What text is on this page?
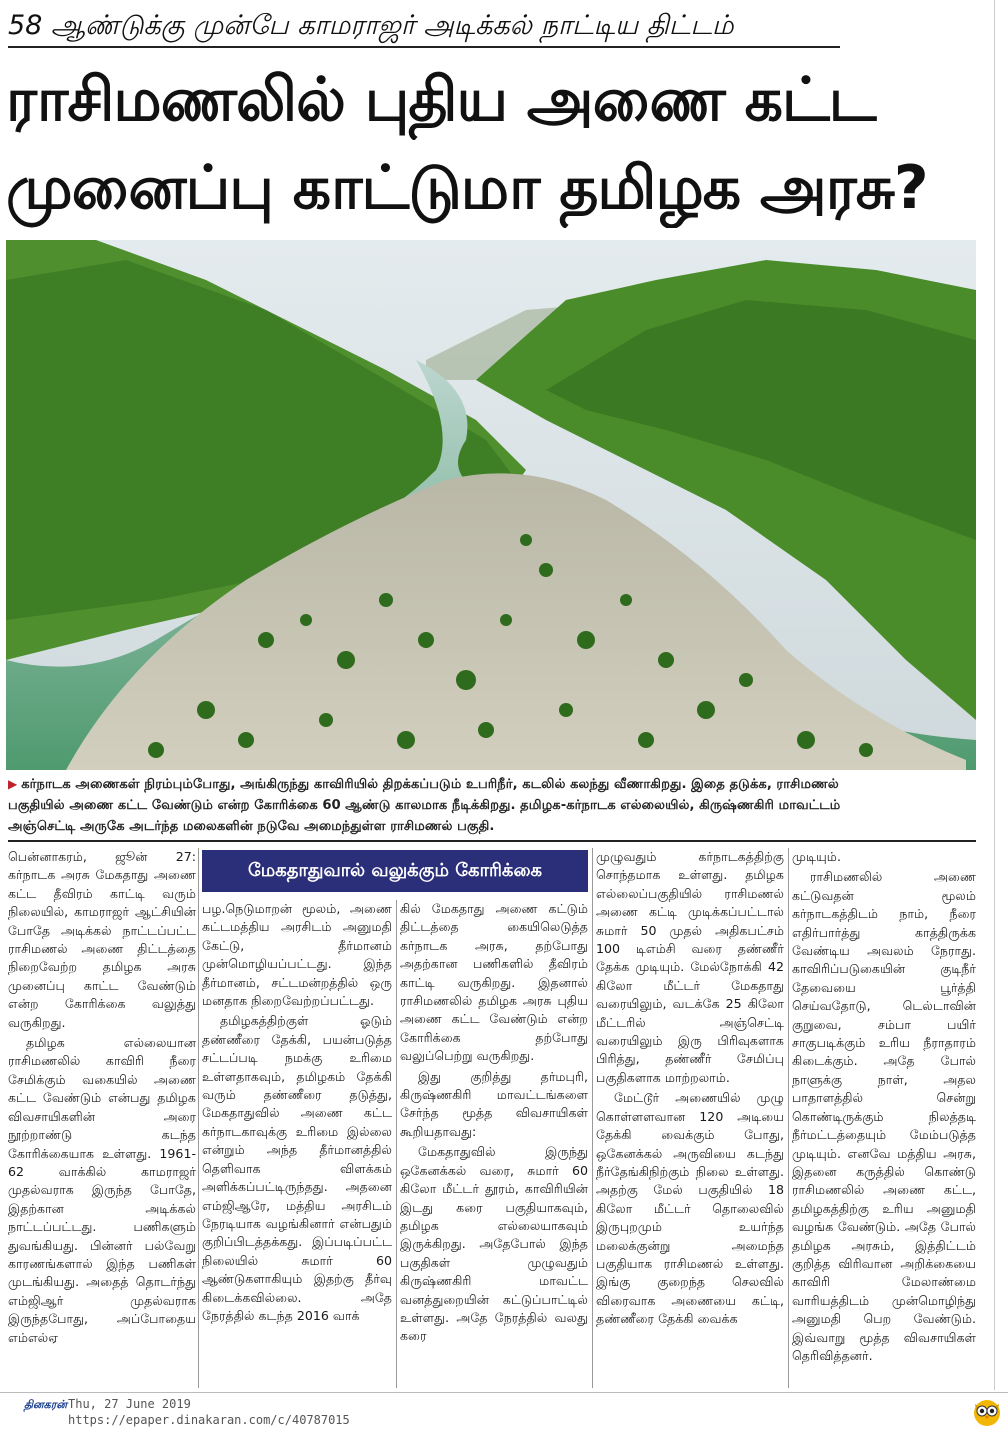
58 ஆண்டுக்கு முன்பே காமராஜர் அடிக்கல் நாட்டிய திட்டம்
ராசிமணலில் புதிய அணை கட்ட
முனைப்பு காட்டுமா தமிழக அரசு?

▶ கர்நாடக அணைகள் நிரம்பும்போது, அங்கிருந்து காவிரியில் திறக்கப்படும் உபரிநீர், கடலில் கலந்து வீணாகிறது. இதை தடுக்க, ராசிமணல்

பகுதியில் அணை கட்ட வேண்டும் என்ற கோரிக்கை 60 ஆண்டு காலமாக நீடிக்கிறது. தமிழக-கர்நாடக எல்லையில், கிருஷ்ணகிரி மாவட்டம்

அஞ்செட்டி அருகே அடர்ந்த மலைகளின் நடுவே அமைந்துள்ள ராசிமணல் பகுதி.

மேகதாதுவால் வலுக்கும் கோரிக்கை

பென்னாகரம், ஜூன் 27: கர்நாடக அரசு மேகதாது அணை கட்ட தீவிரம் காட்டி வரும் நிலையில், காமராஜர் ஆட்சியின் போதே அடிக்கல் நாட்டப்பட்ட ராசிமணல் அணை திட்டத்தை நிறைவேற்ற தமிழக அரசு முனைப்பு காட்ட வேண்டும் என்ற கோரிக்கை வலுத்து வருகிறது.

தமிழக எல்லையான ராசிமணலில் காவிரி நீரை சேமிக்கும் வகையில் அணை கட்ட வேண்டும் என்பது தமிழக விவசாயிகளின் அரை நூற்றாண்டு கடந்த கோரிக்கையாக உள்ளது. 1961-62 வாக்கில் காமராஜர் முதல்வராக இருந்த போதே, இதற்கான அடிக்கல் நாட்டப்பட்டது. பணிகளும் துவங்கியது. பின்னர் பல்வேறு காரணங்களால் இந்த பணிகள் முடங்கியது. அதைத் தொடர்ந்து எம்ஜிஆர் முதல்வராக இருந்தபோது, அப்போதைய எம்எல்ஏ

பழ.நெடுமாறன் மூலம், அணை கட்டமத்திய அரசிடம் அனுமதி கேட்டு, தீர்மானம் முன்மொழியப்பட்டது. இந்த தீர்மானம், சட்டமன்றத்தில் ஒரு மனதாக நிறைவேற்றப்பட்டது.

தமிழகத்திற்குள் ஓடும் தண்ணீரை தேக்கி, பயன்படுத்த சட்டப்படி நமக்கு உரிமை உள்ளதாகவும், தமிழகம் தேக்கி வரும் தண்ணீரை தடுத்து, மேகதாதுவில் அணை கட்ட கர்நாடகாவுக்கு உரிமை இல்லை என்றும் அந்த தீர்மானத்தில் தெளிவாக விளக்கம் அளிக்கப்பட்டிருந்தது. அதனை எம்ஜிஆரே, மத்திய அரசிடம் நேரடியாக வழங்கினார் என்பதும் குறிப்பிடத்தக்கது. இப்படிப்பட்ட நிலையில் சுமார் 60 ஆண்டுகளாகியும் இதற்கு தீர்வு கிடைக்கவில்லை. அதே நேரத்தில் கடந்த 2016 வாக்

கில் மேகதாது அணை கட்டும் திட்டத்தை கையிலெடுத்த கர்நாடக அரசு, தற்போது அதற்கான பணிகளில் தீவிரம் காட்டி வருகிறது. இதனால் ராசிமணலில் தமிழக அரசு புதிய அணை கட்ட வேண்டும் என்ற கோரிக்கை தற்போது வலுப்பெற்று வருகிறது.

இது குறித்து தர்மபுரி, கிருஷ்ணகிரி மாவட்டங்களை சேர்ந்த மூத்த விவசாயிகள் கூறியதாவது:

மேகதாதுவில் இருந்து ஒகேனக்கல் வரை, சுமார் 60 கிலோ மீட்டர் தூரம், காவிரியின் இடது கரை பகுதியாகவும், தமிழக எல்லையாகவும் இருக்கிறது. அதேபோல் இந்த பகுதிகள் முழுவதும் கிருஷ்ணகிரி மாவட்ட வனத்துறையின் கட்டுப்பாட்டில் உள்ளது. அதே நேரத்தில் வலது கரை

முழுவதும் கர்நாடகத்திற்கு சொந்தமாக உள்ளது. தமிழக எல்லைப்பகுதியில் ராசிமணல் அணை கட்டி முடிக்கப்பட்டால் சுமார் 50 முதல் அதிகபட்சம் 100 டிஎம்சி வரை தண்ணீர் தேக்க முடியும். மேல்நோக்கி 42 கிலோ மீட்டர் மேகதாது வரையிலும், வடக்கே 25 கிலோ மீட்டரில் அஞ்செட்டி வரையிலும் இரு பிரிவுகளாக பிரித்து, தண்ணீர் சேமிப்பு பகுதிகளாக மாற்றலாம்.

மேட்டூர் அணையில் முழு கொள்ளளவான 120 அடியை தேக்கி வைக்கும் போது, ஒகேனக்கல் அருவியை கடந்து நீர்தேங்கிநிற்கும் நிலை உள்ளது. அதற்கு மேல் பகுதியில் 18 கிலோ மீட்டர் தொலைவில் இருபுறமும் உயர்ந்த மலைக்குன்று அமைந்த பகுதியாக ராசிமணல் உள்ளது. இங்கு குறைந்த செலவில் விரைவாக அணையை கட்டி, தண்ணீரை தேக்கி வைக்க

முடியும்.

ராசிமணலில் அணை கட்டுவதன் மூலம் கர்நாடகத்திடம் நாம், நீரை எதிர்பார்த்து காத்திருக்க வேண்டிய அவலம் நேராது. காவிரிப்படுகையின் குடிநீர் தேவையை பூர்த்தி செய்வதோடு, டெல்டாவின் குறுவை, சம்பா பயிர் சாகுபடிக்கும் உரிய நீராதாரம் கிடைக்கும். அதே போல் நாளுக்கு நாள், அதல பாதாளத்தில் சென்று கொண்டிருக்கும் நிலத்தடி நீர்மட்டத்தையும் மேம்படுத்த முடியும். எனவே மத்திய அரசு, இதனை கருத்தில் கொண்டு ராசிமணலில் அணை கட்ட, தமிழகத்திற்கு உரிய அனுமதி வழங்க வேண்டும். அதே போல் தமிழக அரசும், இத்திட்டம் குறித்த விரிவான அறிக்கையை காவிரி மேலாண்மை வாரியத்திடம் முன்மொழிந்து அனுமதி பெற வேண்டும். இவ்வாறு மூத்த விவசாயிகள் தெரிவித்தனர்.

தினகரன் Thu, 27 June 2019
https://epaper.dinakaran.com/c/40787015
